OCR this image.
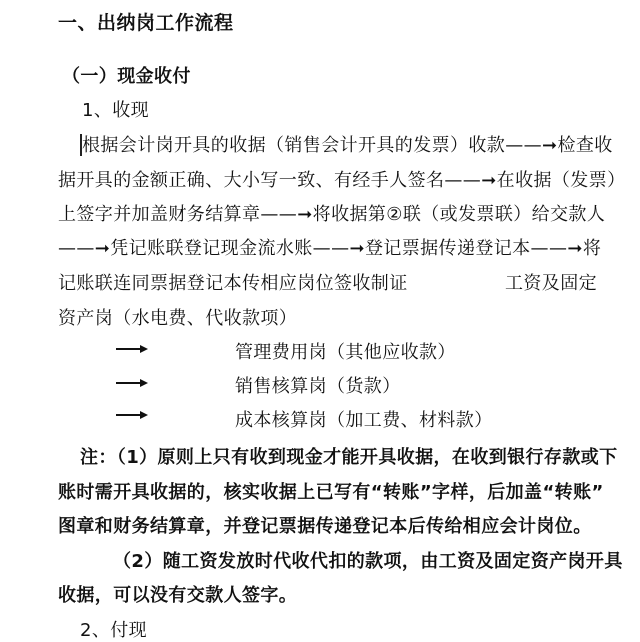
一、出纳岗工作流程
（一）现金收付
1、收现
根据会计岗开具的收据（销售会计开具的发票）收款——➞检查收
据开具的金额正确、大小写一致、有经手人签名——➞在收据（发票）
上签字并加盖财务结算章——➞将收据第②联（或发票联）给交款人
——➞凭记账联登记现金流水账——➞登记票据传递登记本——➞将
记账联连同票据登记本传相应岗位签收制证	工资及固定
资产岗（水电费、代收款项）
管理费用岗（其他应收款）
销售核算岗（货款）
成本核算岗（加工费、材料款）
注：（1）原则上只有收到现金才能开具收据，在收到银行存款或下
账时需开具收据的，核实收据上已写有“转账”字样，后加盖“转账”
图章和财务结算章，并登记票据传递登记本后传给相应会计岗位。
（2）随工资发放时代收代扣的款项，由工资及固定资产岗开具
收据，可以没有交款人签字。
2、付现
